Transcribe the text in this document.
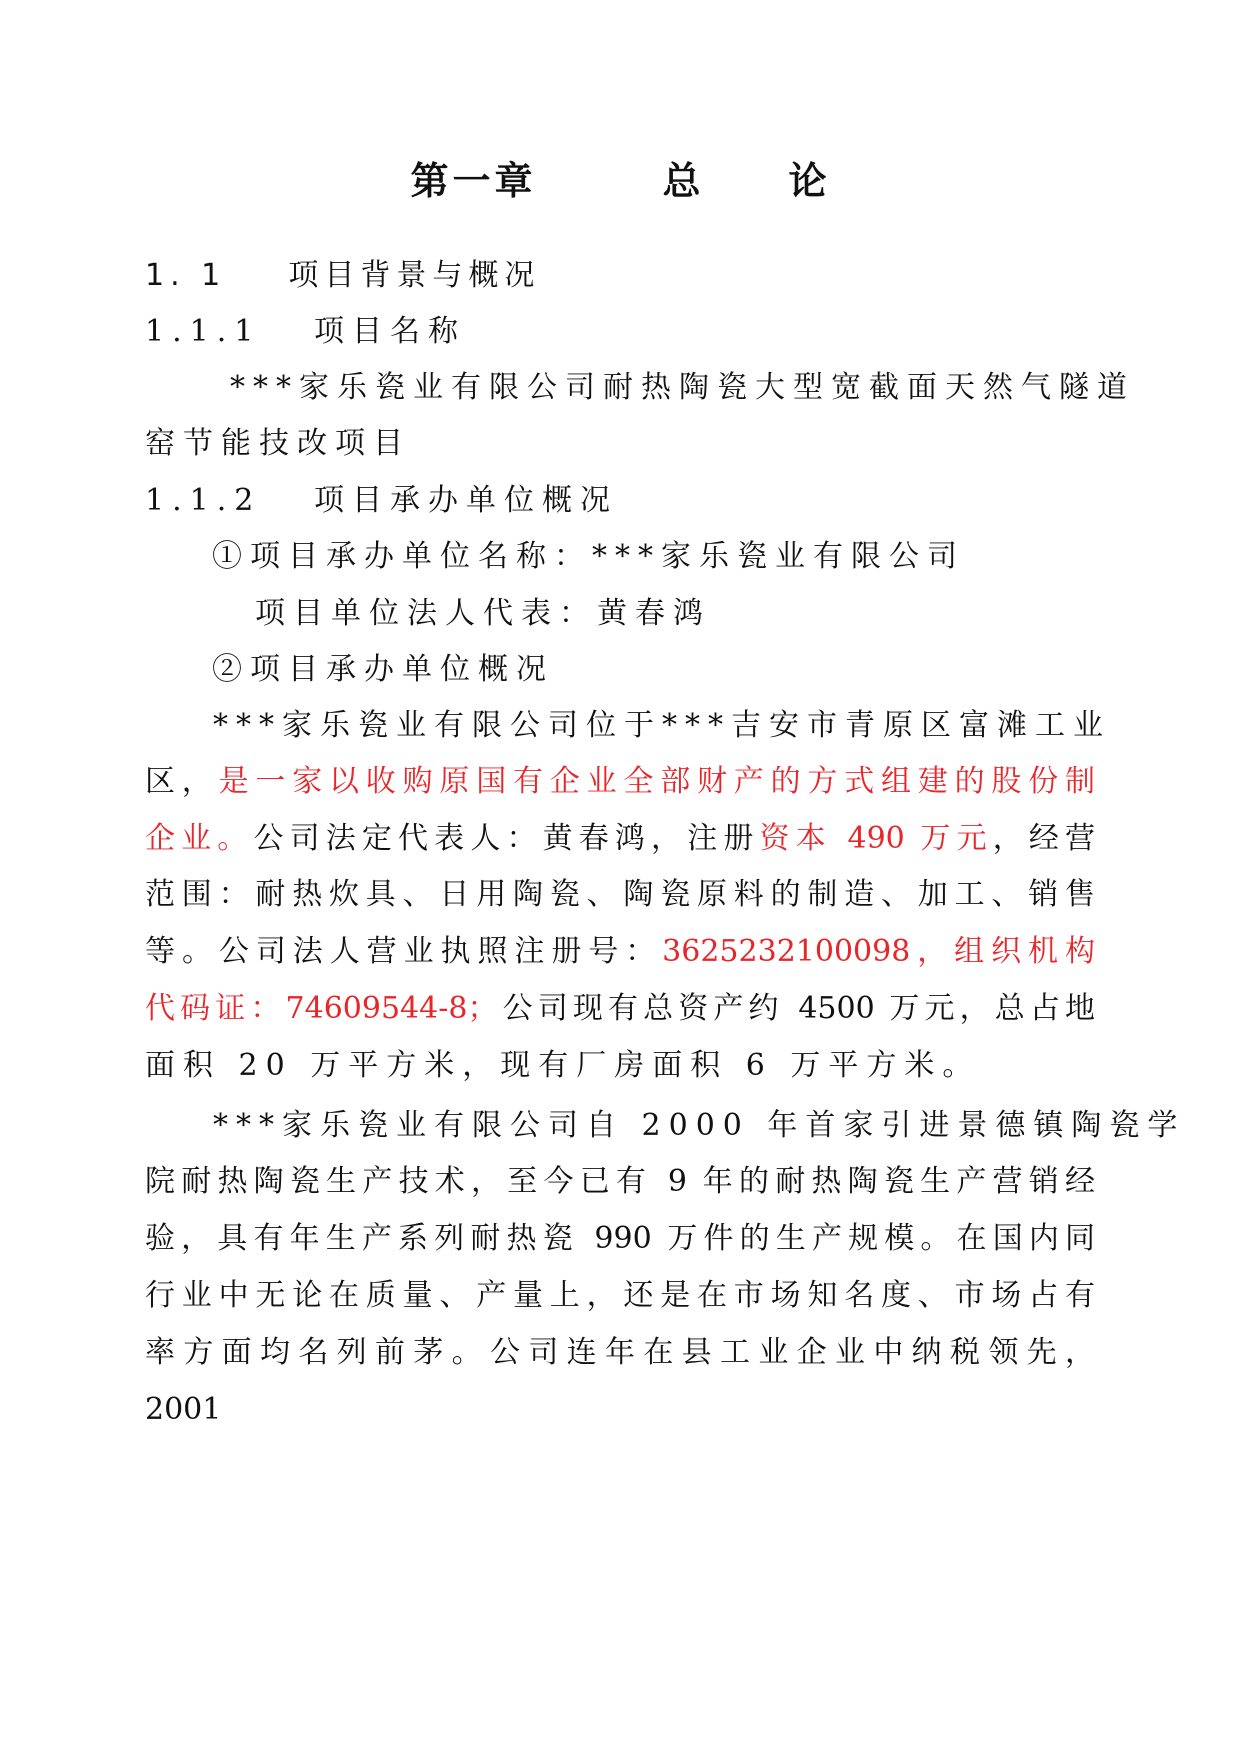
第一章　　　总　　论
1. 1 项目背景与概况
1.1.1 项目名称
***家乐瓷业有限公司耐热陶瓷大型宽截面天然气隧道
窑节能技改项目
1.1.2 项目承办单位概况
①项目承办单位名称：***家乐瓷业有限公司
项目单位法人代表：黄春鸿
②项目承办单位概况
***家乐瓷业有限公司位于***吉安市青原区富滩工业
区，是一家以收购原国有企业全部财产的方式组建的股份制
企业。公司法定代表人：黄春鸿，注册资本 490 万元，经营
范围：耐热炊具、日用陶瓷、陶瓷原料的制造、加工、销售
等。公司法人营业执照注册号：3625232100098，组织机构
代码证：74609544-8；公司现有总资产约 4500 万元，总占地
面积 20 万平方米，现有厂房面积 6 万平方米。
***家乐瓷业有限公司自 2000 年首家引进景德镇陶瓷学
院耐热陶瓷生产技术，至今已有 9 年的耐热陶瓷生产营销经
验，具有年生产系列耐热瓷 990 万件的生产规模。在国内同
行业中无论在质量、产量上，还是在市场知名度、市场占有
率方面均名列前茅。公司连年在县工业企业中纳税领先，
2001
